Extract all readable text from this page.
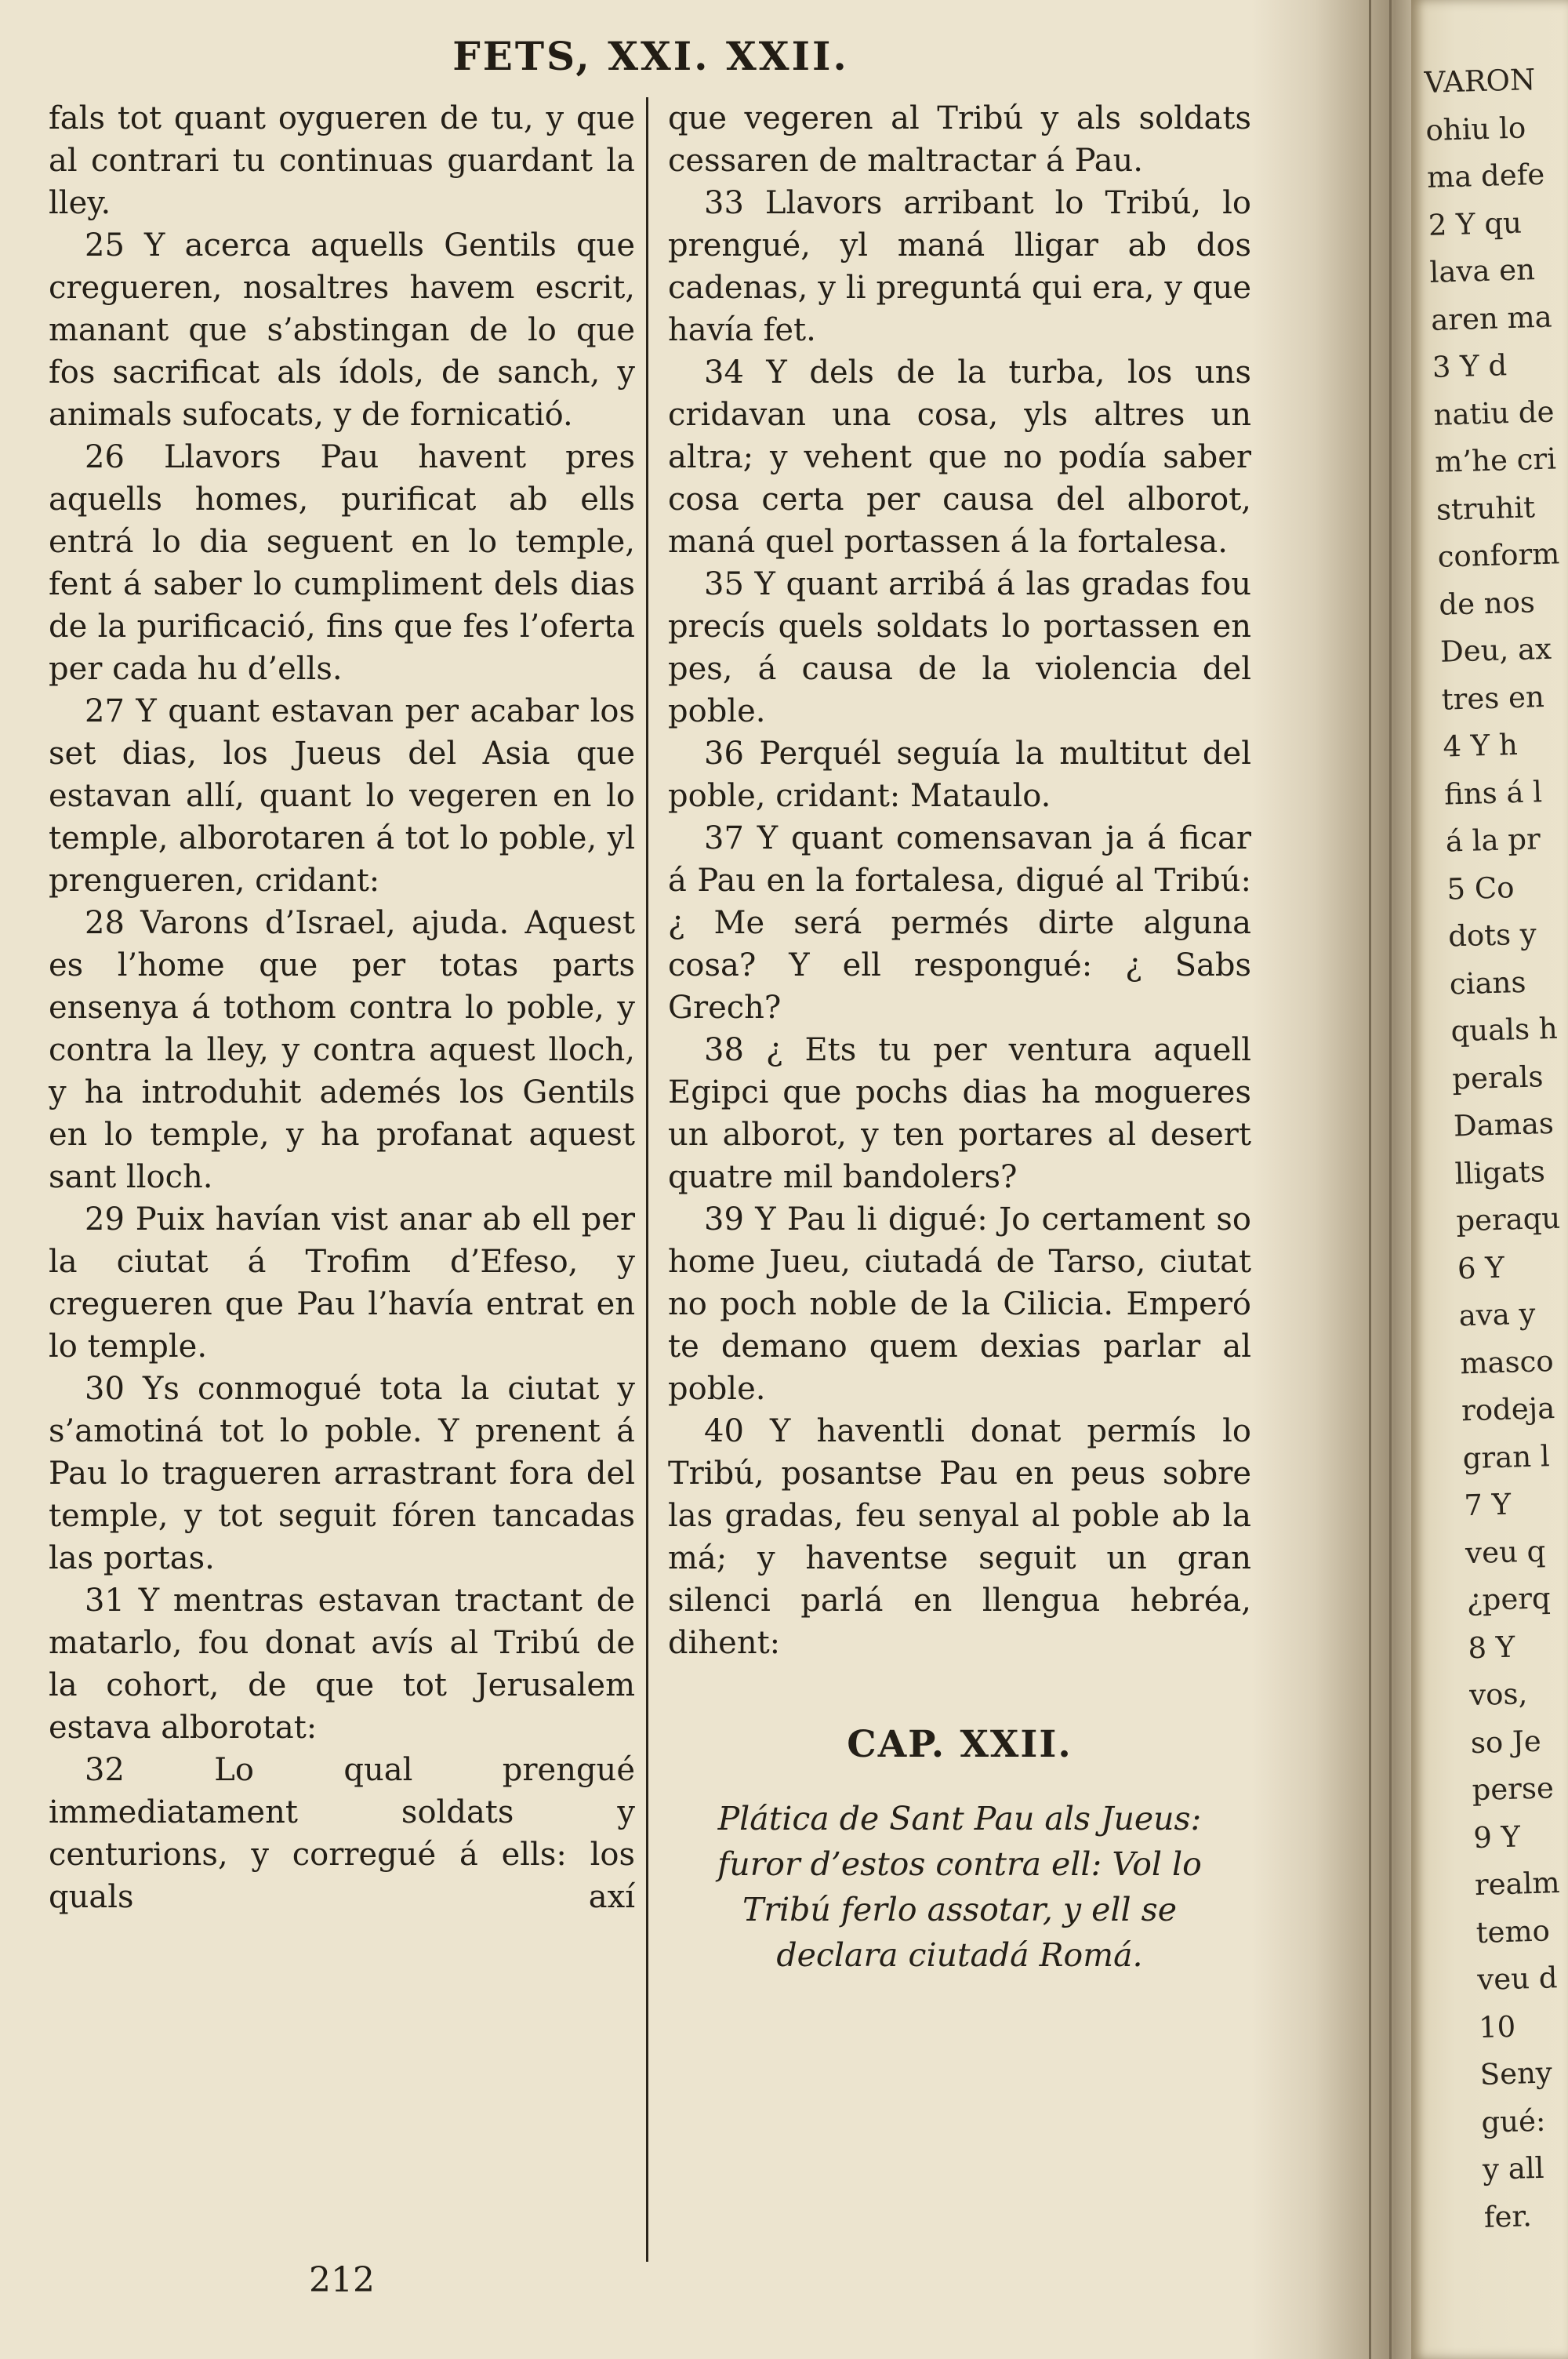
FETS, XXI. XXII.

fals tot quant oygueren de tu, y que al contrari tu continuas guardant la lley.

25 Y acerca aquells Gentils que cregueren, nosaltres havem escrit, manant que s’abstingan de lo que fos sacrificat als ídols, de sanch, y animals sufocats, y de fornicatió.

26 Llavors Pau havent pres aquells homes, purificat ab ells entrá lo dia seguent en lo temple, fent á saber lo cumpliment dels dias de la purificació, fins que fes l’oferta per cada hu d’ells.

27 Y quant estavan per acabar los set dias, los Jueus del Asia que estavan allí, quant lo vegeren en lo temple, alborotaren á tot lo poble, yl prengueren, cridant:

28 Varons d’Israel, ajuda. Aquest es l’home que per totas parts ensenya á tothom contra lo poble, y contra la lley, y contra aquest lloch, y ha introduhit ademés los Gentils en lo temple, y ha profanat aquest sant lloch.

29 Puix havían vist anar ab ell per la ciutat á Trofim d’Efeso, y cregueren que Pau l’havía entrat en lo temple.

30 Ys conmogué tota la ciutat y s’amotiná tot lo poble. Y prenent á Pau lo tragueren arrastrant fora del temple, y tot seguit fóren tancadas las portas.

31 Y mentras estavan tractant de matarlo, fou donat avís al Tribú de la cohort, de que tot Jerusalem estava alborotat:

32 Lo qual prengué immediatament soldats y centurions, y corregué á ells: los quals axí

que vegeren al Tribú y als soldats cessaren de maltractar á Pau.

33 Llavors arribant lo Tribú, lo prengué, yl maná lligar ab dos cadenas, y li preguntá qui era, y que havía fet.

34 Y dels de la turba, los uns cridavan una cosa, yls altres un altra; y vehent que no podía saber cosa certa per causa del alborot, maná quel portassen á la fortalesa.

35 Y quant arribá á las gradas fou precís quels soldats lo portassen en pes, á causa de la violencia del poble.

36 Perquél seguía la multitut del poble, cridant: Mataulo.

37 Y quant comensavan ja á ficar á Pau en la fortalesa, digué al Tribú: ¿ Me será permés dirte alguna cosa? Y ell respongué: ¿ Sabs Grech?

38 ¿ Ets tu per ventura aquell Egipci que pochs dias ha mogueres un alborot, y ten portares al desert quatre mil bandolers?

39 Y Pau li digué: Jo certament so home Jueu, ciutadá de Tarso, ciutat no poch noble de la Cilicia. Emperó te demano quem dexias parlar al poble.

40 Y haventli donat permís lo Tribú, posantse Pau en peus sobre las gradas, feu senyal al poble ab la má; y haventse seguit un gran silenci parlá en llengua hebréa, dihent:

CAP. XXII.

Plática de Sant Pau als Jueus: furor d’estos contra ell: Vol lo Tribú ferlo assotar, y ell se declara ciutadá Romá.

212
VARON
ohiu lo
ma defe
2 Y qu
lava en
aren ma
3 Y d
natiu de
m’he cri
struhit
conform
de nos
Deu, ax
tres en
4 Y h
fins á l
á la pr
5 Co
dots y
cians
quals h
perals
Damas
lligats
peraqu
6 Y
ava y
masco
rodeja
gran l
7 Y
veu q
¿perq
8 Y
vos,
so Je
perse
9 Y
realm
temo
veu d
10
Seny
gué:
y all
fer.
